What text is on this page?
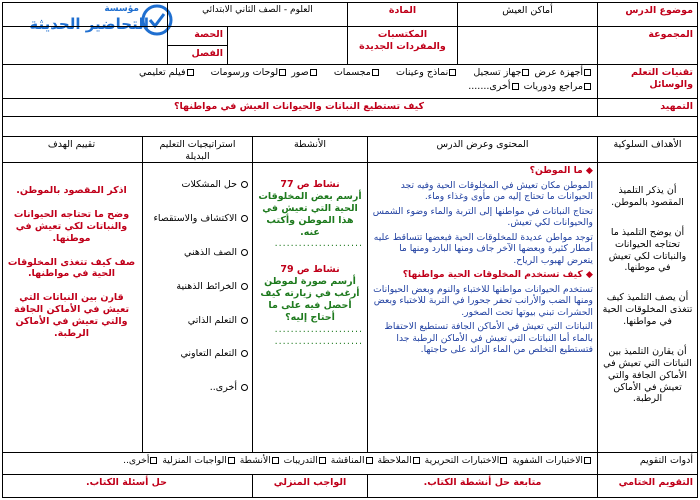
مؤسسة
التحاضير الحديثة
موضوع الدرس
أماكن العيش
المادة
العلوم - الصف الثاني الابتدائي
المجموعة
المكتسبات والمفردات الجديدة
الحصة
الفصل
تقنيات التعلم والوسائل
أجهزة عرض جهاز تسجيل     نماذج وعينات     مجسمات     صور لوحات ورسومات     فيلم تعليمي
مراجع ودوريات أخرى.......
التمهيد
كيف تستطيع النباتات والحيوانات العيش في مواطنها؟
الأهداف السلوكية
المحتوى وعرض الدرس
الأنشطة
استراتيجيات التعليم البديلة
تقييم الهدف

أن يذكر التلميذ المقصود بالموطن.

أن يوضح التلميذ ما تحتاجه الحيوانات والنباتات لكي تعيش في موطنها.

أن يصف التلميذ كيف تتغذى المخلوقات الحية في مواطنها.

أن يقارن التلميذ بين النباتات التي تعيش في الأماكن الجافة والتي تعيش في الأماكن الرطبة.

◆ ما الموطن؟

الموطن مكان تعيش في المخلوقات الحية وفيه تجد الحيوانات ما تحتاج إليه من مأوى وغذاء وماء.

تحتاج النباتات في مواطنها إلى التربة والماء وضوء الشمس والحيوانات لكي تعيش.

توجد مواطن عديدة للمخلوقات الحية فبعضها تتساقط عليه أمطار كثيرة وبعضها الآخر جاف ومنها البارد ومنها ما يتعرض لهبوب الرياح.

◆ كيف تستخدم المخلوقات الحية مواطنها؟

تستخدم الحيوانات مواطنها للاختباء والنوم وبعض الحيوانات ومنها الضب والأرانب تحفر جحورا في التربة للاختباء وبعض الحشرات تبني بيوتها تحت الصخور.

النباتات التي تعيش في الأماكن الجافة تستطيع الاحتفاظ بالماء أما النباتات التي تعيش في الأماكن الرطبة جدا فتستطيع التخلص من الماء الزائد على حاجتها.

نشاط ص 77
أرسم بعض المخلوقات الحية التي تعيش في هذا الموطن وأكتب عنه.
......................
نشاط ص 79
أرسم صورة لموطن أرغب في زيارته كيف أحصل فيه على ما أحتاج إليه؟
......................
......................
حل المشكلات
الاكتشاف والاستقصاء
الصف الذهني
الخرائط الذهنية
التعلم الذاتي
التعلم التعاوني
أخرى..

اذكر المقصود بالموطن.

وضح ما تحتاجه الحيوانات والنباتات لكي تعيش في موطنها.

صف كيف تتغذى المخلوقات الحية في مواطنها.

قارن بين النباتات التي تعيش في الأماكن الجافة والتي تعيش في الأماكن الرطبة.

أدوات التقويم
الاختبارات الشفوية الاختبارات التحريرية الملاحظة المناقشة التدريبات الأنشطة الواجبات المنزلية أخرى..
التقويم الختامي
متابعة حل أنشطة الكتاب.
الواجب المنزلي
حل أسئلة الكتاب.
